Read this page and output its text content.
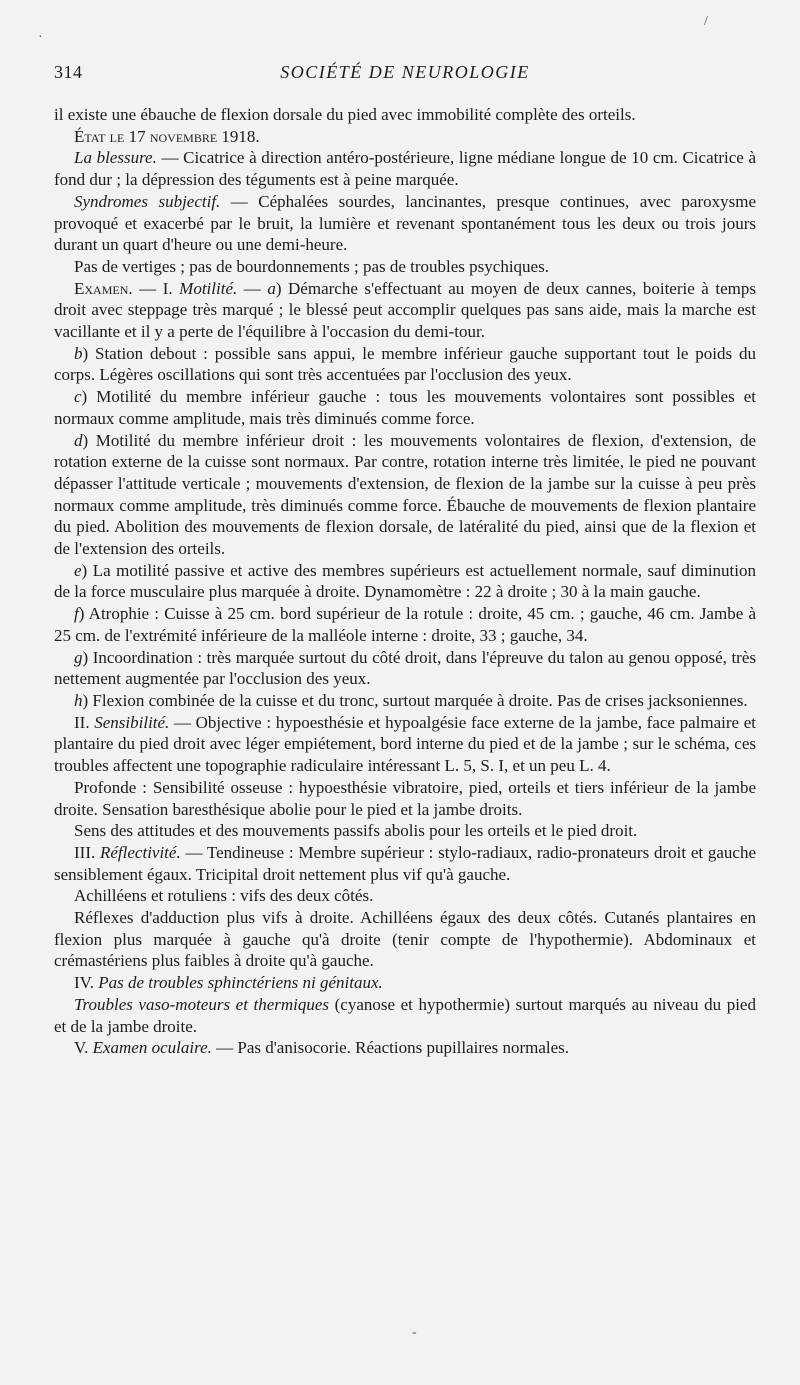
314	SOCIÉTÉ DE NEUROLOGIE

il existe une ébauche de flexion dorsale du pied avec immobilité complète des orteils.

État le 17 novembre 1918.

La blessure. — Cicatrice à direction antéro-postérieure, ligne médiane longue de 10 cm. Cicatrice à fond dur ; la dépression des téguments est à peine marquée.

Syndromes subjectif. — Céphalées sourdes, lancinantes, presque continues, avec paroxysme provoqué et exacerbé par le bruit, la lumière et revenant spontanément tous les deux ou trois jours durant un quart d'heure ou une demi-heure.

Pas de vertiges ; pas de bourdonnements ; pas de troubles psychiques.

Examen. — I. Motilité. — a) Démarche s'effectuant au moyen de deux cannes, boiterie à temps droit avec steppage très marqué ; le blessé peut accomplir quelques pas sans aide, mais la marche est vacillante et il y a perte de l'équilibre à l'occasion du demi-tour.

b) Station debout : possible sans appui, le membre inférieur gauche supportant tout le poids du corps. Légères oscillations qui sont très accentuées par l'occlusion des yeux.

c) Motilité du membre inférieur gauche : tous les mouvements volontaires sont possibles et normaux comme amplitude, mais très diminués comme force.

d) Motilité du membre inférieur droit : les mouvements volontaires de flexion, d'extension, de rotation externe de la cuisse sont normaux. Par contre, rotation interne très limitée, le pied ne pouvant dépasser l'attitude verticale ; mouvements d'extension, de flexion de la jambe sur la cuisse à peu près normaux comme amplitude, très diminués comme force. Ébauche de mouvements de flexion plantaire du pied. Abolition des mouvements de flexion dorsale, de latéralité du pied, ainsi que de la flexion et de l'extension des orteils.

e) La motilité passive et active des membres supérieurs est actuellement normale, sauf diminution de la force musculaire plus marquée à droite. Dynamomètre : 22 à droite ; 30 à la main gauche.

f) Atrophie : Cuisse à 25 cm. bord supérieur de la rotule : droite, 45 cm. ; gauche, 46 cm. Jambe à 25 cm. de l'extrémité inférieure de la malléole interne : droite, 33 ; gauche, 34.

g) Incoordination : très marquée surtout du côté droit, dans l'épreuve du talon au genou opposé, très nettement augmentée par l'occlusion des yeux.

h) Flexion combinée de la cuisse et du tronc, surtout marquée à droite. Pas de crises jacksoniennes.

II. Sensibilité. — Objective : hypoesthésie et hypoalgésie face externe de la jambe, face palmaire et plantaire du pied droit avec léger empiétement, bord interne du pied et de la jambe ; sur le schéma, ces troubles affectent une topographie radiculaire intéressant L. 5, S. I, et un peu L. 4.

Profonde : Sensibilité osseuse : hypoesthésie vibratoire, pied, orteils et tiers inférieur de la jambe droite. Sensation baresthésique abolie pour le pied et la jambe droits.

Sens des attitudes et des mouvements passifs abolis pour les orteils et le pied droit.

III. Réflectivité. — Tendineuse : Membre supérieur : stylo-radiaux, radio-pronateurs droit et gauche sensiblement égaux. Tricipital droit nettement plus vif qu'à gauche.

Achilléens et rotuliens : vifs des deux côtés.

Réflexes d'adduction plus vifs à droite. Achilléens égaux des deux côtés. Cutanés plantaires en flexion plus marquée à gauche qu'à droite (tenir compte de l'hypothermie). Abdominaux et crémastériens plus faibles à droite qu'à gauche.

IV. Pas de troubles sphinctériens ni génitaux.

Troubles vaso-moteurs et thermiques (cyanose et hypothermie) surtout marqués au niveau du pied et de la jambe droite.

V. Examen oculaire. — Pas d'anisocorie. Réactions pupillaires normales.

·
/
-
